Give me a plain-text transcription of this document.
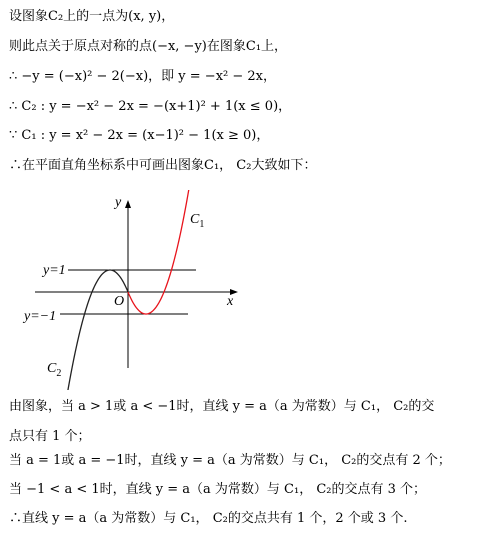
设图象C₂上的一点为(x, y)，
则此点关于原点对称的点(−x, −y)在图象C₁上，
∴ −y = (−x)² − 2(−x)，即 y = −x² − 2x，
∴ C₂ : y = −x² − 2x = −(x+1)² + 1(x ≤ 0)，
∵ C₁ : y = x² − 2x = (x−1)² − 1(x ≥ 0)，
∴在平面直角坐标系中可画出图象C₁， C₂大致如下：
y
x
O
y=1
y=−1
$C_1$
$C_2$
由图象，当 a > 1或 a < −1时，直线 y = a（a 为常数）与 C₁， C₂的交
点只有 1 个；
当 a = 1或 a = −1时，直线 y = a（a 为常数）与 C₁， C₂的交点有 2 个；
当 −1 < a < 1时，直线 y = a（a 为常数）与 C₁， C₂的交点有 3 个；
∴直线 y = a（a 为常数）与 C₁， C₂的交点共有 1 个，2 个或 3 个.
